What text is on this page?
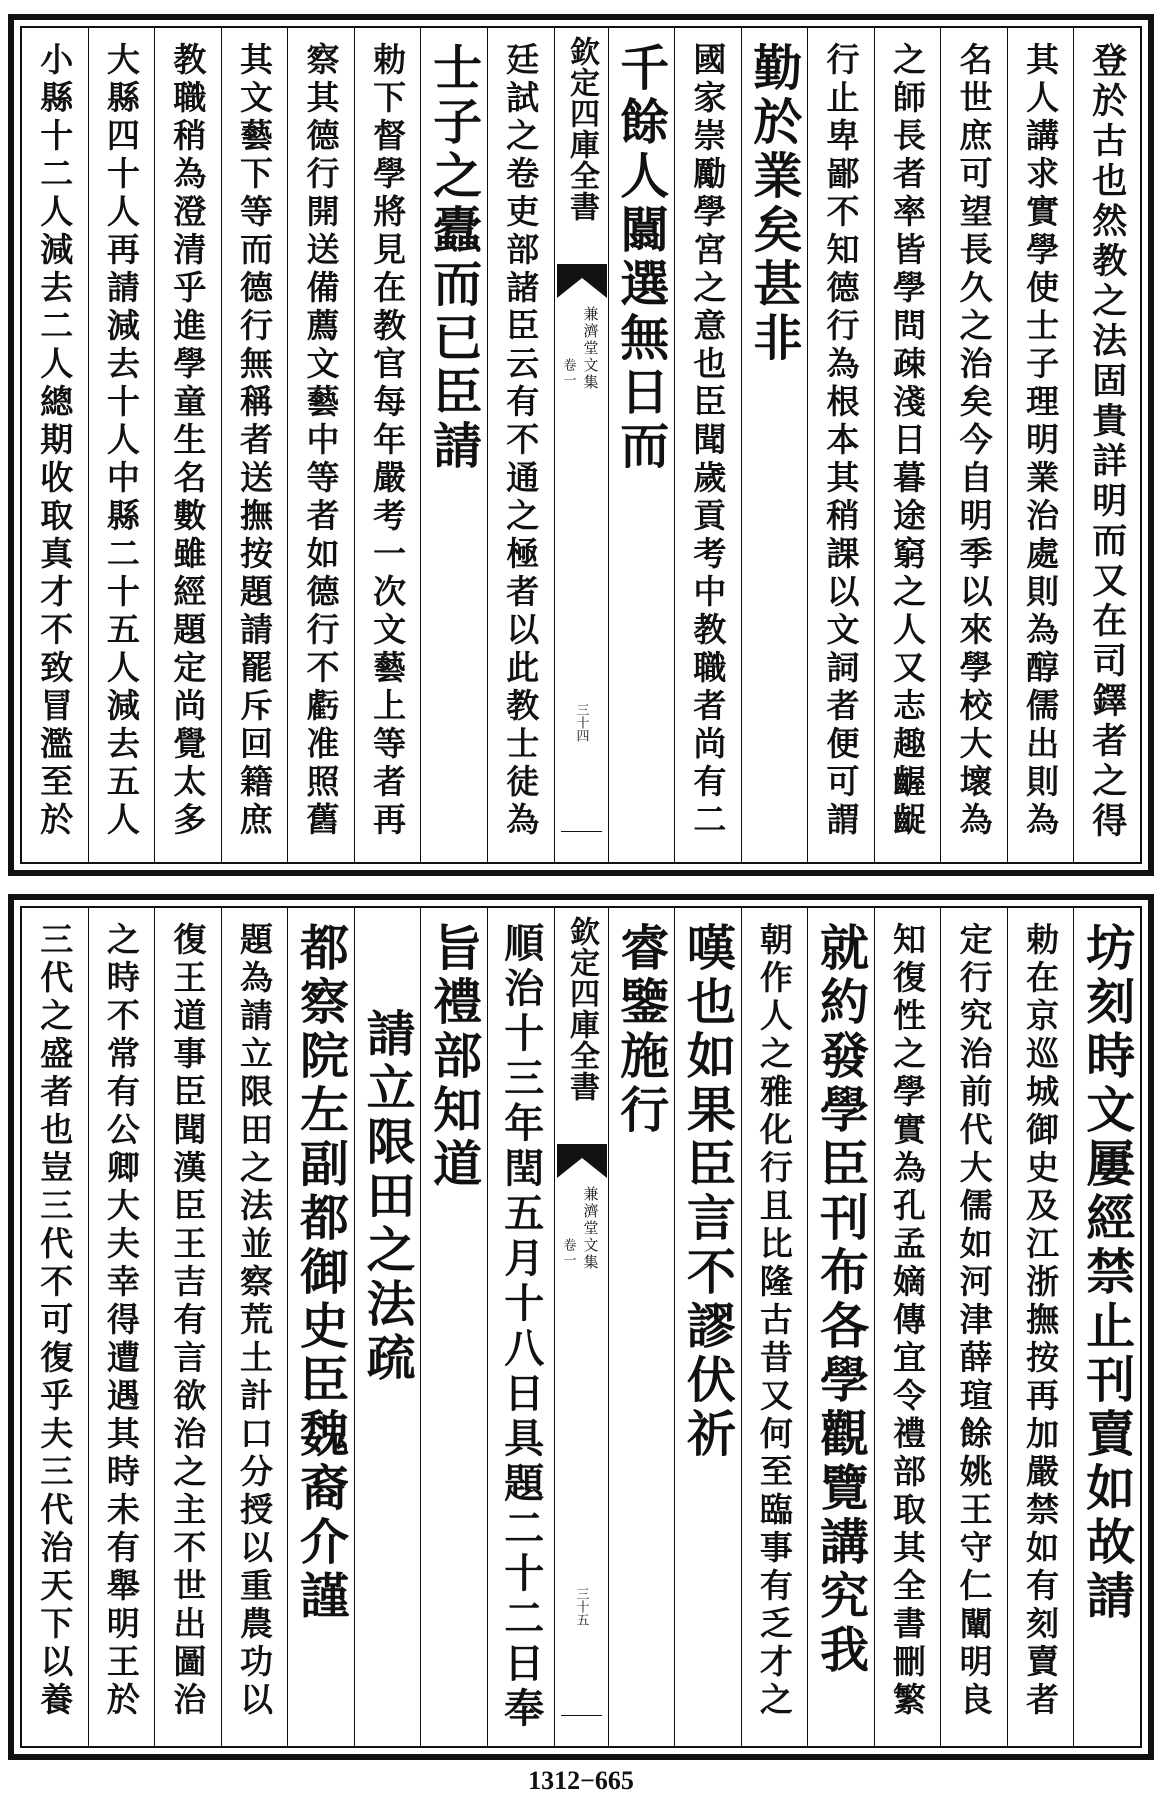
登於古也然教之法固貴詳明而又在司鐸者之得
其人講求實學使士子理明業治處則為醇儒出則為
名世庶可望長久之治矣今自明季以來學校大壞為
之師長者率皆學問疎淺日暮途窮之人又志趣齷齪
行止卑鄙不知德行為根本其稍課以文詞者便可謂
勤於業矣甚非
國家崇勵學宮之意也臣聞歲貢考中教職者尚有二
千餘人闒選無日而
欽定四庫全書
兼濟堂文集
卷一
三十四
廷試之卷吏部諸臣云有不通之極者以此教士徒為
士子之蠹而已臣請
勅下督學將見在教官每年嚴考一次文藝上等者再
察其德行開送備薦文藝中等者如德行不虧准照舊
其文藝下等而德行無稱者送撫按題請罷斥回籍庶
教職稍為澄清乎進學童生名數雖經題定尚覺太多
大縣四十人再請減去十人中縣二十五人減去五人
小縣十二人減去二人總期收取真才不致冒濫至於
坊刻時文屢經禁止刊賣如故請
勅在京巡城御史及江浙撫按再加嚴禁如有刻賣者
定行究治前代大儒如河津薛瑄餘姚王守仁闡明良
知復性之學實為孔孟嫡傳宜令禮部取其全書刪繁
就約發學臣刊布各學觀覽講究我
朝作人之雅化行且比隆古昔又何至臨事有乏才之
嘆也如果臣言不謬伏祈
睿鑒施行
欽定四庫全書
兼濟堂文集
卷一
三十五
順治十三年閏五月十八日具題二十二日奉
旨禮部知道
請立限田之法疏
都察院左副都御史臣魏裔介謹
題為請立限田之法並察荒土計口分授以重農功以
復王道事臣聞漢臣王吉有言欲治之主不世出圖治
之時不常有公卿大夫幸得遭遇其時未有舉明王於
三代之盛者也豈三代不可復乎夫三代治天下以養
1312−665
